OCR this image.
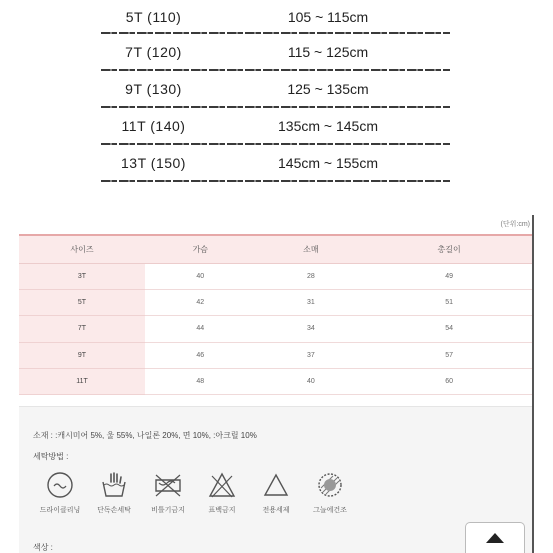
5T (110)	105 ~ 115cm
7T (120)	115 ~ 125cm
9T (130)	125 ~ 135cm
11T (140)	135cm ~ 145cm
13T (150)	145cm ~ 155cm
(단위:cm)
사이즈	가슴	소매	총길이
3T	40	28	49
5T	42	31	51
7T	44	34	54
9T	46	37	57
11T	48	40	60
소재 : :캐시미어 5%, 울 55%, 나일론 20%, 면 10%, :아크릴 10%
세탁방법 :
드라이클리닝 단독손세탁	비틀기금지	표백금지	전용세제	그늘에건조
색상 :
